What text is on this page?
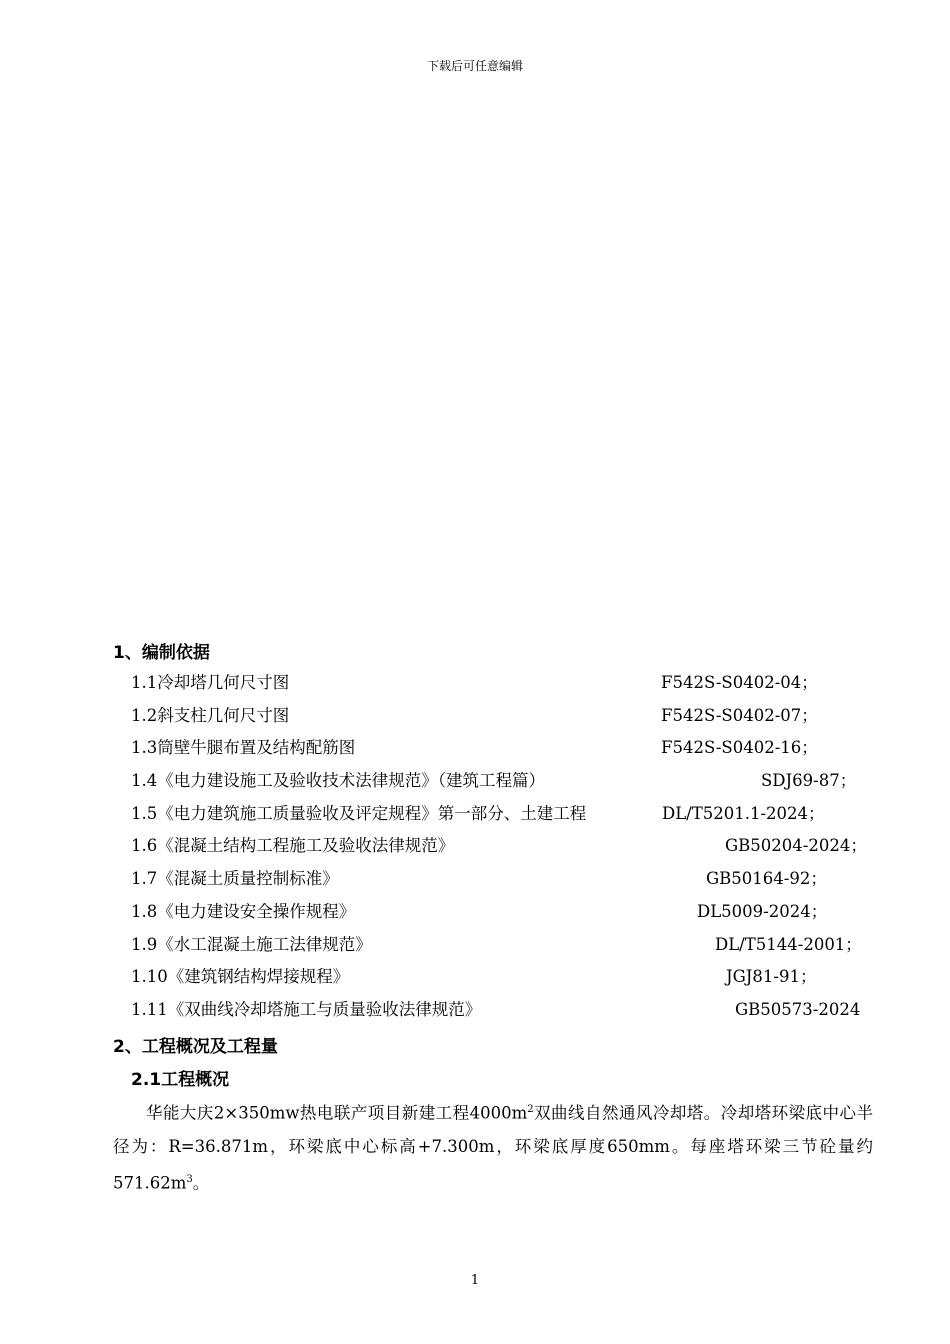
下载后可任意编辑
1、编制依据
1.1冷却塔几何尺寸图	F542S-S0402-04；
1.2斜支柱几何尺寸图	F542S-S0402-07；
1.3筒壁牛腿布置及结构配筋图	F542S-S0402-16；
1.4《电力建设施工及验收技术法律规范》（建筑工程篇）	SDJ69-87；
1.5《电力建筑施工质量验收及评定规程》第一部分、土建工程	DL/T5201.1-2024；
1.6《混凝土结构工程施工及验收法律规范》	GB50204-2024；
1.7《混凝土质量控制标准》	GB50164-92；
1.8《电力建设安全操作规程》	DL5009-2024；
1.9《水工混凝土施工法律规范》	DL/T5144-2001；
1.10《建筑钢结构焊接规程》	JGJ81-91；
1.11《双曲线冷却塔施工与质量验收法律规范》	GB50573-2024
2、工程概况及工程量
2.1工程概况

华能大庆2×350mw热电联产项目新建工程$4000m^2$双曲线自然通风冷却塔。冷却塔环梁底中心半径为：R=36.871m，环梁底中心标高+7.300m，环梁底厚度650mm。每座塔环梁三节砼量约$571.62m^3$。

1
